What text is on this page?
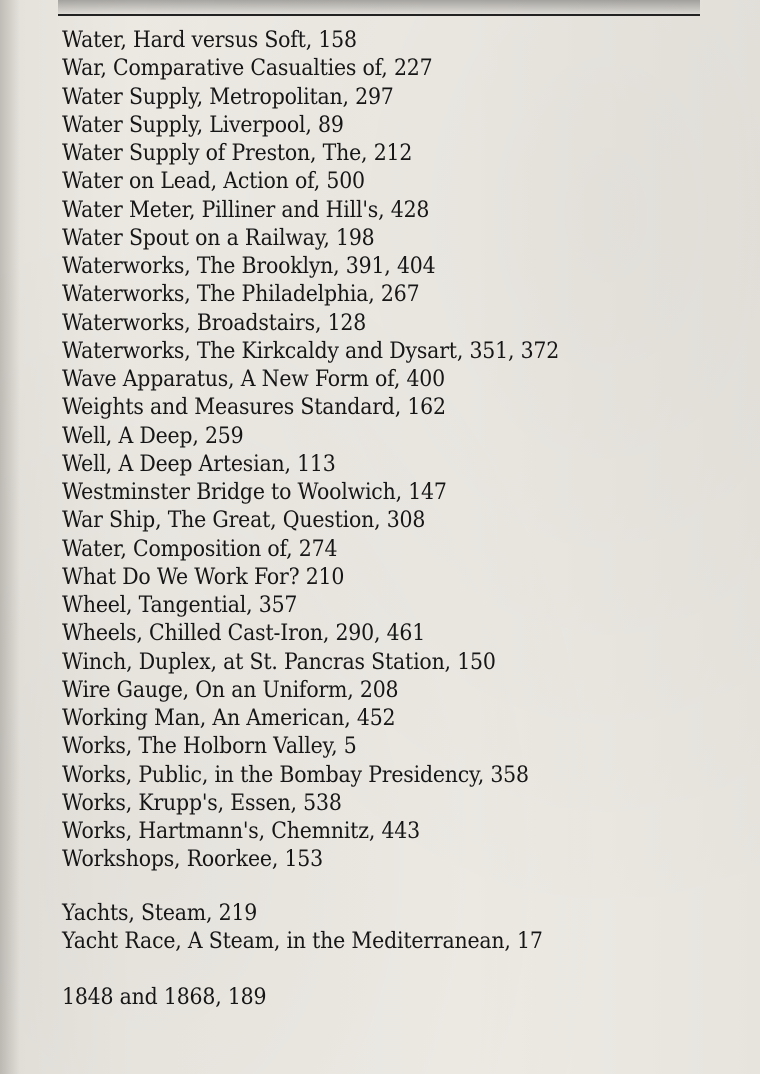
Water, Hard versus Soft, 158
War, Comparative Casualties of, 227
Water Supply, Metropolitan, 297
Water Supply, Liverpool, 89
Water Supply of Preston, The, 212
Water on Lead, Action of, 500
Water Meter, Pilliner and Hill's, 428
Water Spout on a Railway, 198
Waterworks, The Brooklyn, 391, 404
Waterworks, The Philadelphia, 267
Waterworks, Broadstairs, 128
Waterworks, The Kirkcaldy and Dysart, 351, 372
Wave Apparatus, A New Form of, 400
Weights and Measures Standard, 162
Well, A Deep, 259
Well, A Deep Artesian, 113
Westminster Bridge to Woolwich, 147
War Ship, The Great, Question, 308
Water, Composition of, 274
What Do We Work For? 210
Wheel, Tangential, 357
Wheels, Chilled Cast-Iron, 290, 461
Winch, Duplex, at St. Pancras Station, 150
Wire Gauge, On an Uniform, 208
Working Man, An American, 452
Works, The Holborn Valley, 5
Works, Public, in the Bombay Presidency, 358
Works, Krupp's, Essen, 538
Works, Hartmann's, Chemnitz, 443
Workshops, Roorkee, 153
Yachts, Steam, 219
Yacht Race, A Steam, in the Mediterranean, 17
1848 and 1868, 189
